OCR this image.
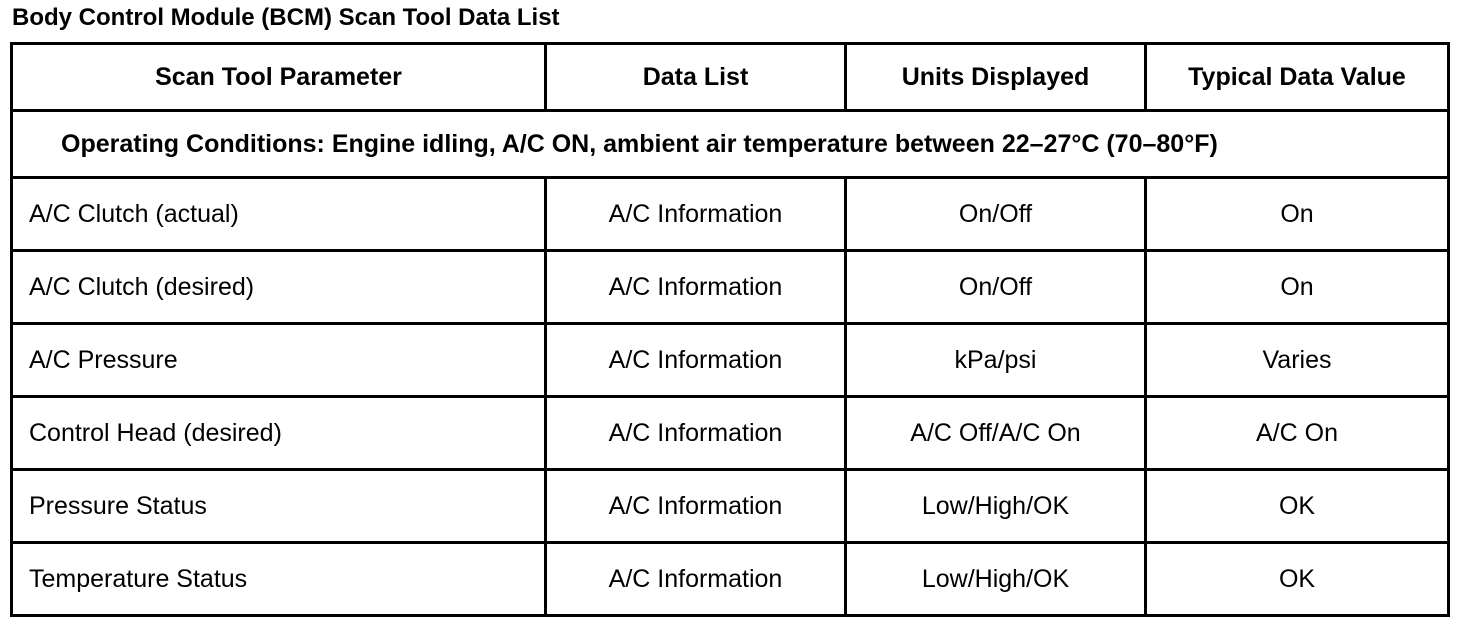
Body Control Module (BCM) Scan Tool Data List
Scan Tool Parameter	Data List	Units Displayed	Typical Data Value
Operating Conditions: Engine idling, A/C ON, ambient air temperature between 22–27°C (70–80°F)			
A/C Clutch (actual)	A/C Information	On/Off	On
A/C Clutch (desired)	A/C Information	On/Off	On
A/C Pressure	A/C Information	kPa/psi	Varies
Control Head (desired)	A/C Information	A/C Off/A/C On	A/C On
Pressure Status	A/C Information	Low/High/OK	OK
Temperature Status	A/C Information	Low/High/OK	OK
